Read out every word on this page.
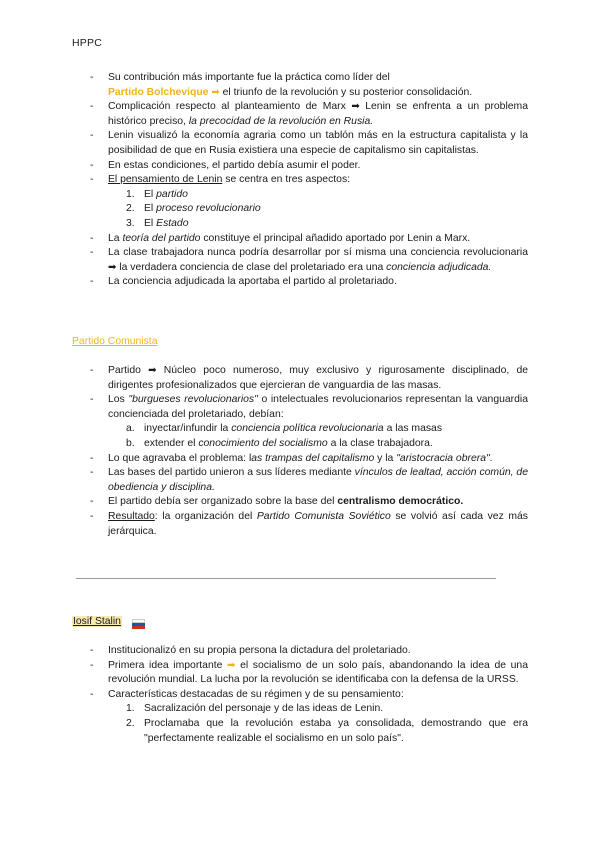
HPPC
- Su contribución más importante fue la práctica como líder del
Partido Bolchevique ➡ el triunfo de la revolución y su posterior consolidación.
- Complicación respecto al planteamiento de Marx ➡ Lenin se enfrenta a un problema histórico preciso, la precocidad de la revolución en Rusia.
- Lenin visualizó la economía agraria como un tablón más en la estructura capitalista y la posibilidad de que en Rusia existiera una especie de capitalismo sin capitalistas.
- En estas condiciones, el partido debía asumir el poder.
- El pensamiento de Lenin se centra en tres aspectos:
1. El partido
2. El proceso revolucionario
3. El Estado
- La teoría del partido constituye el principal añadido aportado por Lenin a Marx.
- La clase trabajadora nunca podría desarrollar por sí misma una conciencia revolucionaria ➡ la verdadera conciencia de clase del proletariado era una conciencia adjudicada.
- La conciencia adjudicada la aportaba el partido al proletariado.
Partido Comunista
- Partido ➡ Núcleo poco numeroso, muy exclusivo y rigurosamente disciplinado, de dirigentes profesionalizados que ejercieran de vanguardia de las masas.
- Los "burgueses revolucionarios" o intelectuales revolucionarios representan la vanguardia concienciada del proletariado, debían:
a. inyectar/infundir la conciencia política revolucionaria a las masas
b. extender el conocimiento del socialismo a la clase trabajadora.
- Lo que agravaba el problema: las trampas del capitalismo y la "aristocracia obrera".
- Las bases del partido unieron a sus líderes mediante vínculos de lealtad, acción común, de obediencia y disciplina.
- El partido debía ser organizado sobre la base del centralismo democrático.
- Resultado: la organización del Partido Comunista Soviético se volvió así cada vez más jerárquica.
Iosif Stalin
- Institucionalizó en su propia persona la dictadura del proletariado.
- Primera idea importante ➡ el socialismo de un solo país, abandonando la idea de una revolución mundial. La lucha por la revolución se identificaba con la defensa de la URSS.
- Características destacadas de su régimen y de su pensamiento:
1. Sacralización del personaje y de las ideas de Lenin.
2. Proclamaba que la revolución estaba ya consolidada, demostrando que era "perfectamente realizable el socialismo en un solo país".
